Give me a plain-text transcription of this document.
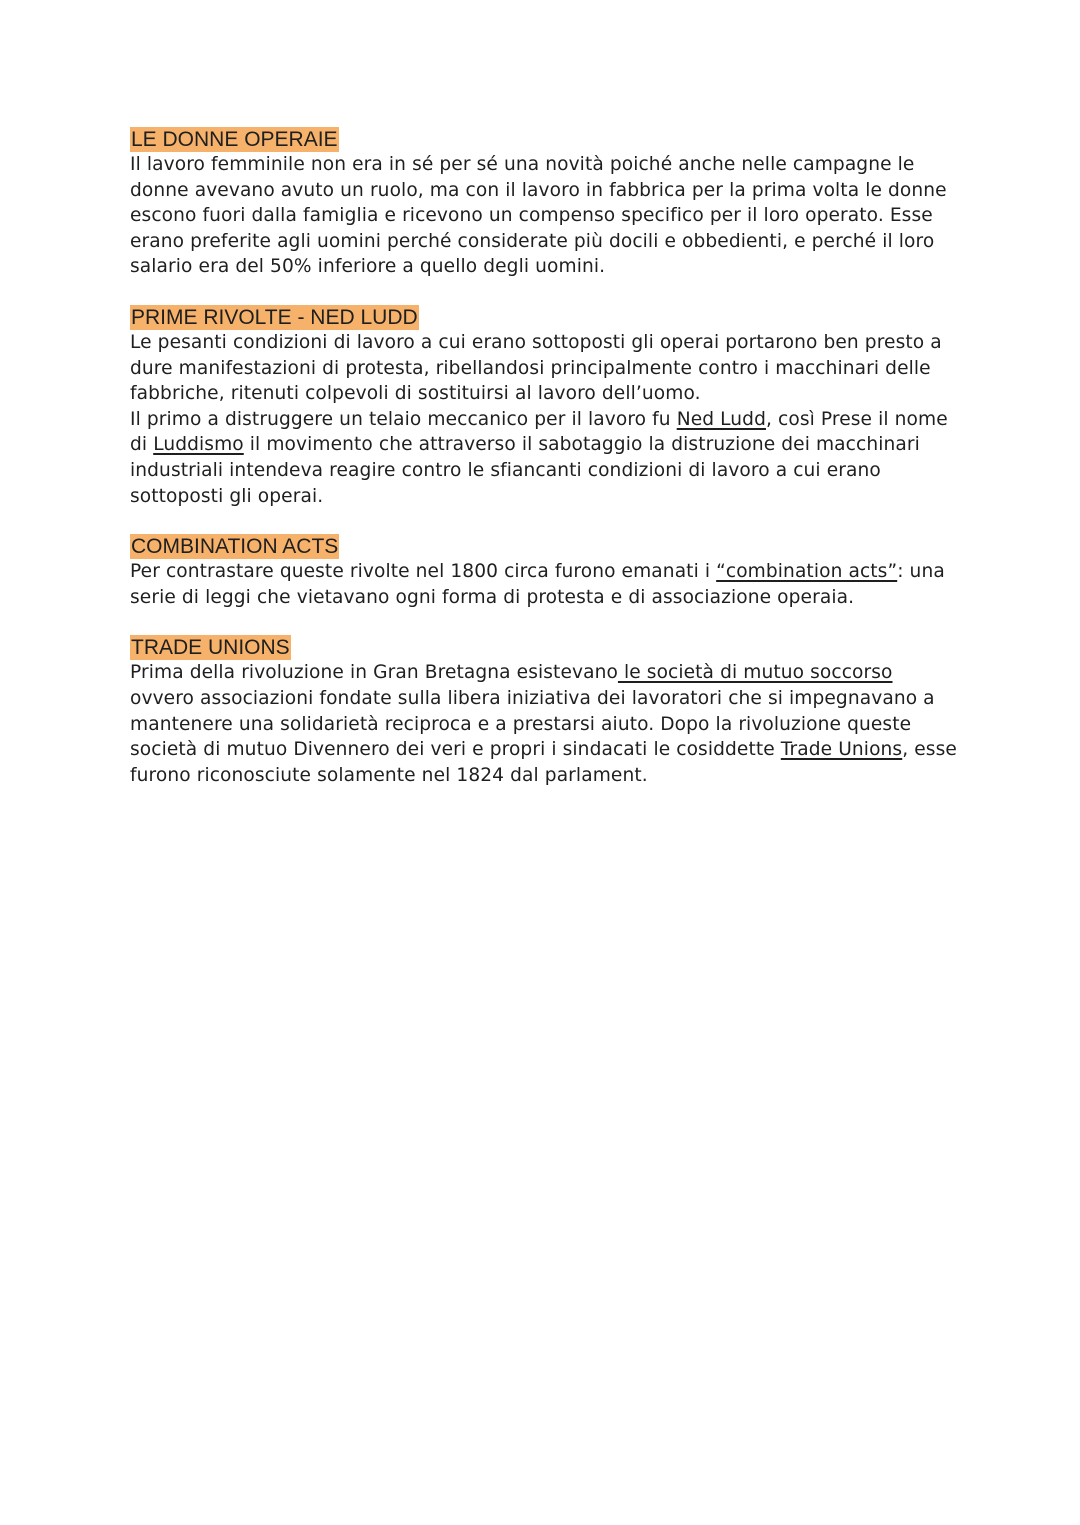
LE DONNE OPERAIE

Il lavoro femminile non era in sé per sé una novità poiché anche nelle campagne le donne avevano avuto un ruolo, ma con il lavoro in fabbrica per la prima volta le donne escono fuori dalla famiglia e ricevono un compenso specifico per il loro operato. Esse erano preferite agli uomini perché considerate più docili e obbedienti, e perché il loro salario era del 50% inferiore a quello degli uomini.

PRIME RIVOLTE - NED LUDD

Le pesanti condizioni di lavoro a cui erano sottoposti gli operai portarono ben presto a dure manifestazioni di protesta, ribellandosi principalmente contro i macchinari delle fabbriche, ritenuti colpevoli di sostituirsi al lavoro dell’uomo.

Il primo a distruggere un telaio meccanico per il lavoro fu Ned Ludd, così Prese il nome di Luddismo il movimento che attraverso il sabotaggio la distruzione dei macchinari industriali intendeva reagire contro le sfiancanti condizioni di lavoro a cui erano sottoposti gli operai.

COMBINATION ACTS

Per contrastare queste rivolte nel 1800 circa furono emanati i “combination acts”: una serie di leggi che vietavano ogni forma di protesta e di associazione operaia.

TRADE UNIONS

Prima della rivoluzione in Gran Bretagna esistevano le società di mutuo soccorso ovvero associazioni fondate sulla libera iniziativa dei lavoratori che si impegnavano a mantenere una solidarietà reciproca e a prestarsi aiuto. Dopo la rivoluzione queste società di mutuo Divennero dei veri e propri i sindacati le cosiddette Trade Unions, esse furono riconosciute solamente nel 1824 dal parlament.
